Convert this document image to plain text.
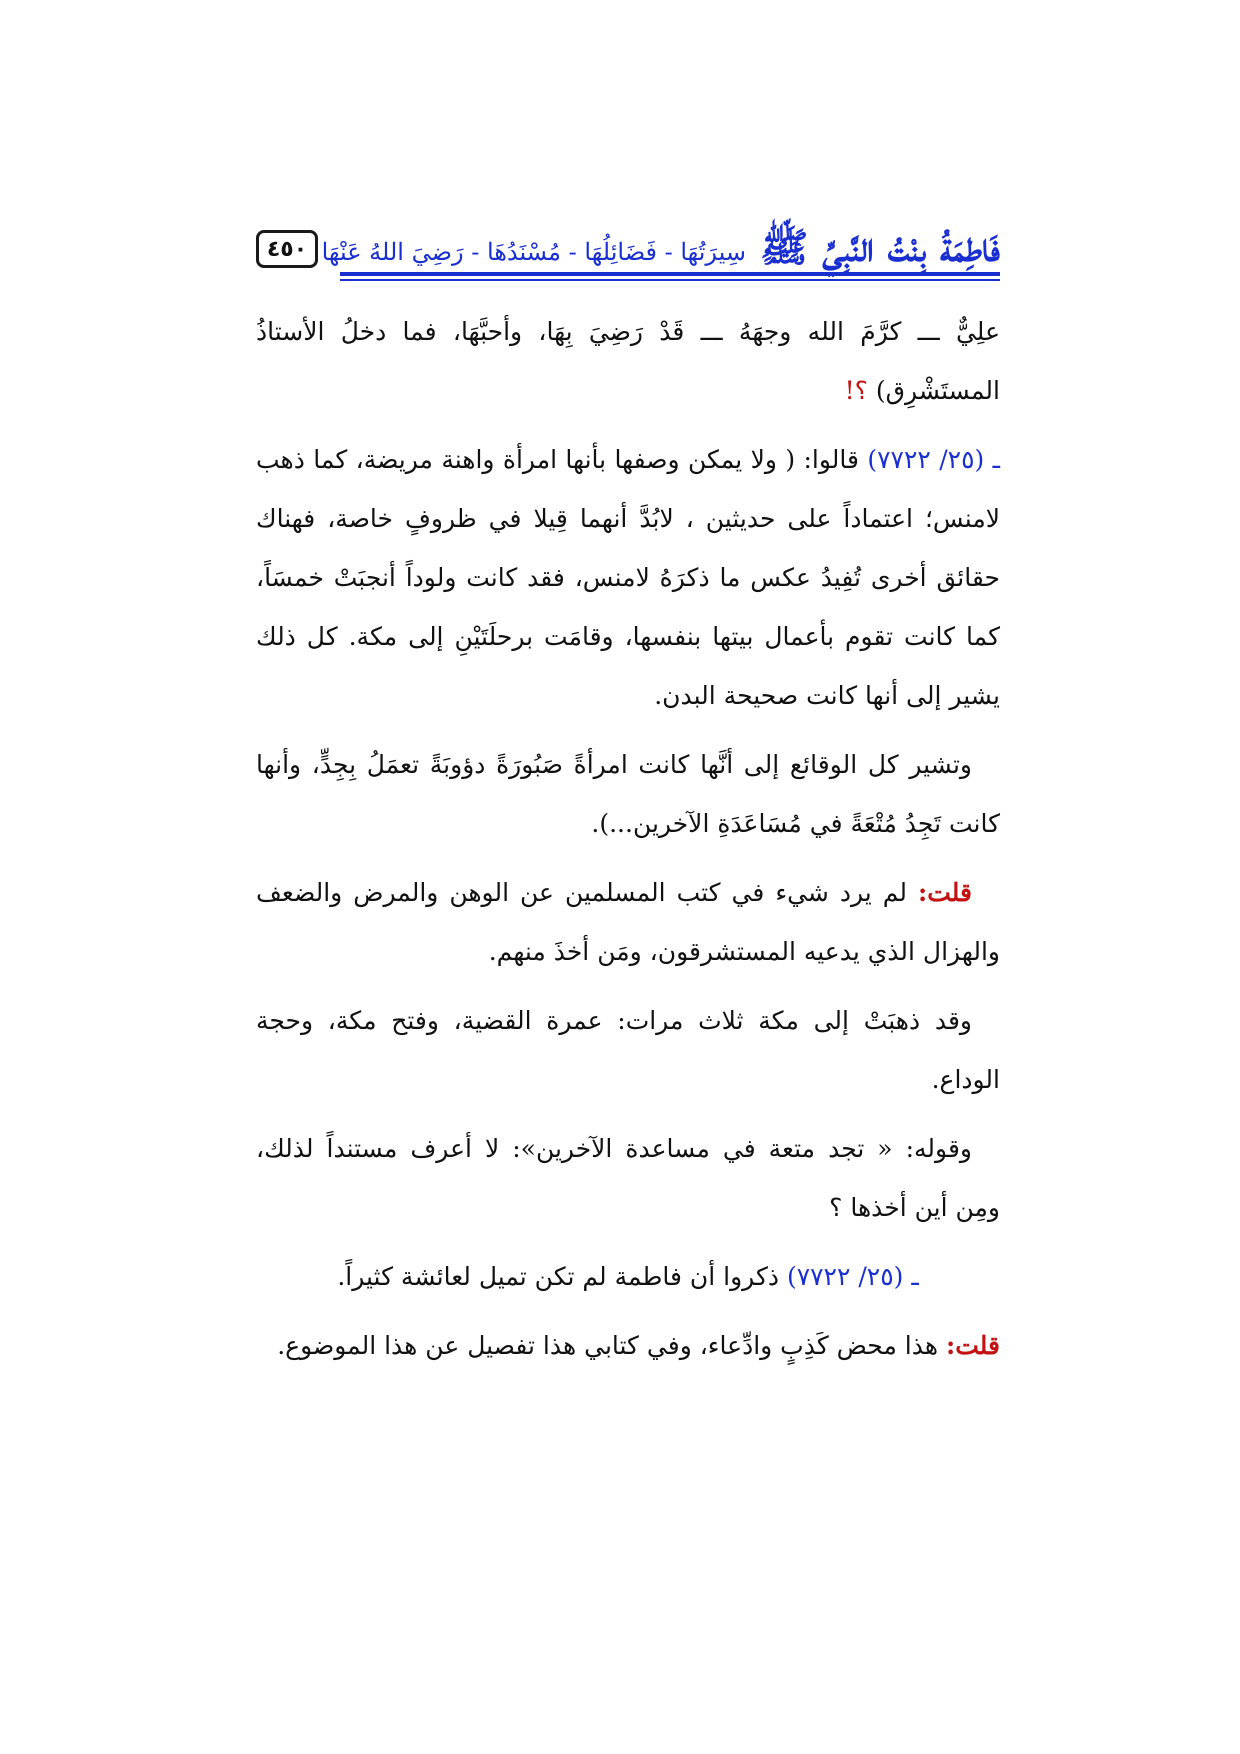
٤٥٠	فَاطِمَةُ بِنْتُ النَّبِيِّ ﷺ
سِيرَتُهَا - فَضَائِلُهَا - مُسْنَدُهَا - رَضِيَ اللهُ عَنْهَا

علِيٌّ ـــ كرَّمَ الله وجهَهُ ـــ قَدْ رَضِيَ بِهَا، وأحبَّهَا، فما دخلُ الأستاذُ المستَشْرِق) ؟!

ـ (٢٥/ ٧٧٢٢) قالوا: ( ولا يمكن وصفها بأنها امرأة واهنة مريضة، كما ذهب لامنس؛ اعتماداً على حديثين ، لابُدَّ أنهما قِيلا في ظروفٍ خاصة، فهناك حقائق أخرى تُفِيدُ عكس ما ذكرَهُ لامنس، فقد كانت ولوداً أنجبَتْ خمسَاً، كما كانت تقوم بأعمال بيتها بنفسها، وقامَت برحلَتَيْنِ إلى مكة. كل ذلك يشير إلى أنها كانت صحيحة البدن.

وتشير كل الوقائع إلى أنَّها كانت امرأةً صَبُورَةً دؤوبَةً تعمَلُ بِجِدٍّ، وأنها كانت تَجِدُ مُتْعَةً في مُسَاعَدَةِ الآخرين...).

قلت: لم يرد شيء في كتب المسلمين عن الوهن والمرض والضعف والهزال الذي يدعيه المستشرقون، ومَن أخذَ منهم.

وقد ذهبَتْ إلى مكة ثلاث مرات: عمرة القضية، وفتح مكة، وحجة الوداع.

وقوله: « تجد متعة في مساعدة الآخرين»: لا أعرف مستنداً لذلك، ومِن أين أخذها ؟

ـ (٢٥/ ٧٧٢٢) ذكروا أن فاطمة لم تكن تميل لعائشة كثيراً.

قلت: هذا محض كَذِبٍ وادِّعاء، وفي كتابي هذا تفصيل عن هذا الموضوع.
